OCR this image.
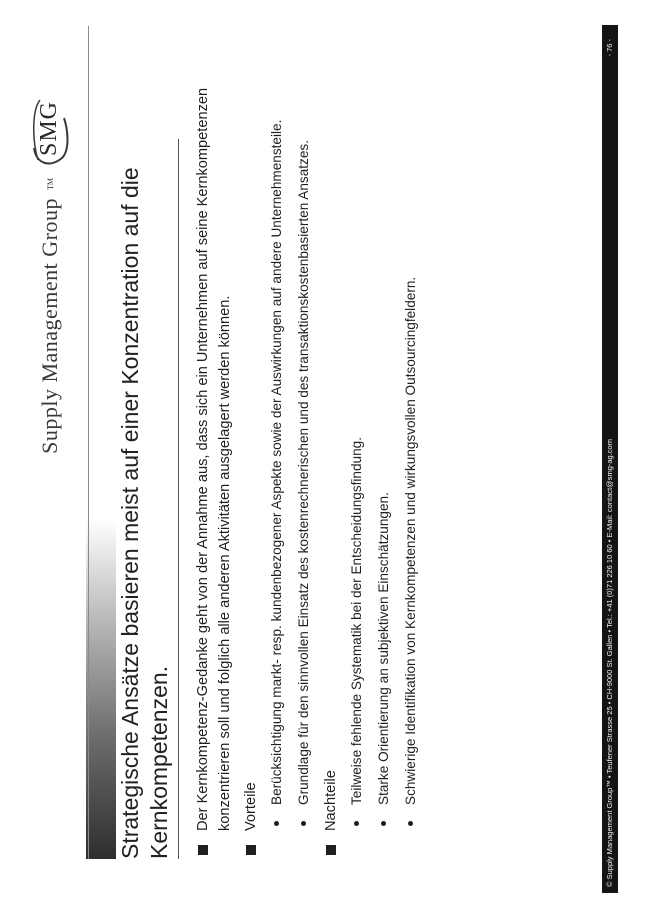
Supply Management Group
TM
SMG
Strategische Ansätze basieren meist auf einer Konzentration auf die Kernkompetenzen. Der Kernkompetenz-Gedanke geht von der Annahme aus, dass sich ein Unternehmen auf seine Kernkompetenzen konzentrieren soll und folglich alle anderen Aktivitäten ausgelagert werden können. Vorteile
Berücksichtigung markt- resp. kundenbezogener Aspekte sowie der Auswirkungen auf andere Unternehmensteile. Grundlage für den sinnvollen Einsatz des kostenrechnerischen und des transaktionskostenbasierten Ansatzes. Nachteile Teilweise fehlende Systematik bei der Entscheidungsfindung. Starke Orientierung an subjektiven Einschätzungen. Schwierige Identifikation von Kernkompetenzen und wirkungsvollen Outsourcingfeldern.	© Supply Management Group™ • Teufener Strasse 25 • CH-9000 St. Gallen • Tel.: +41 (0)71 226 10 60 • E-Mail: contact@smg-ag.com
- 76 -
